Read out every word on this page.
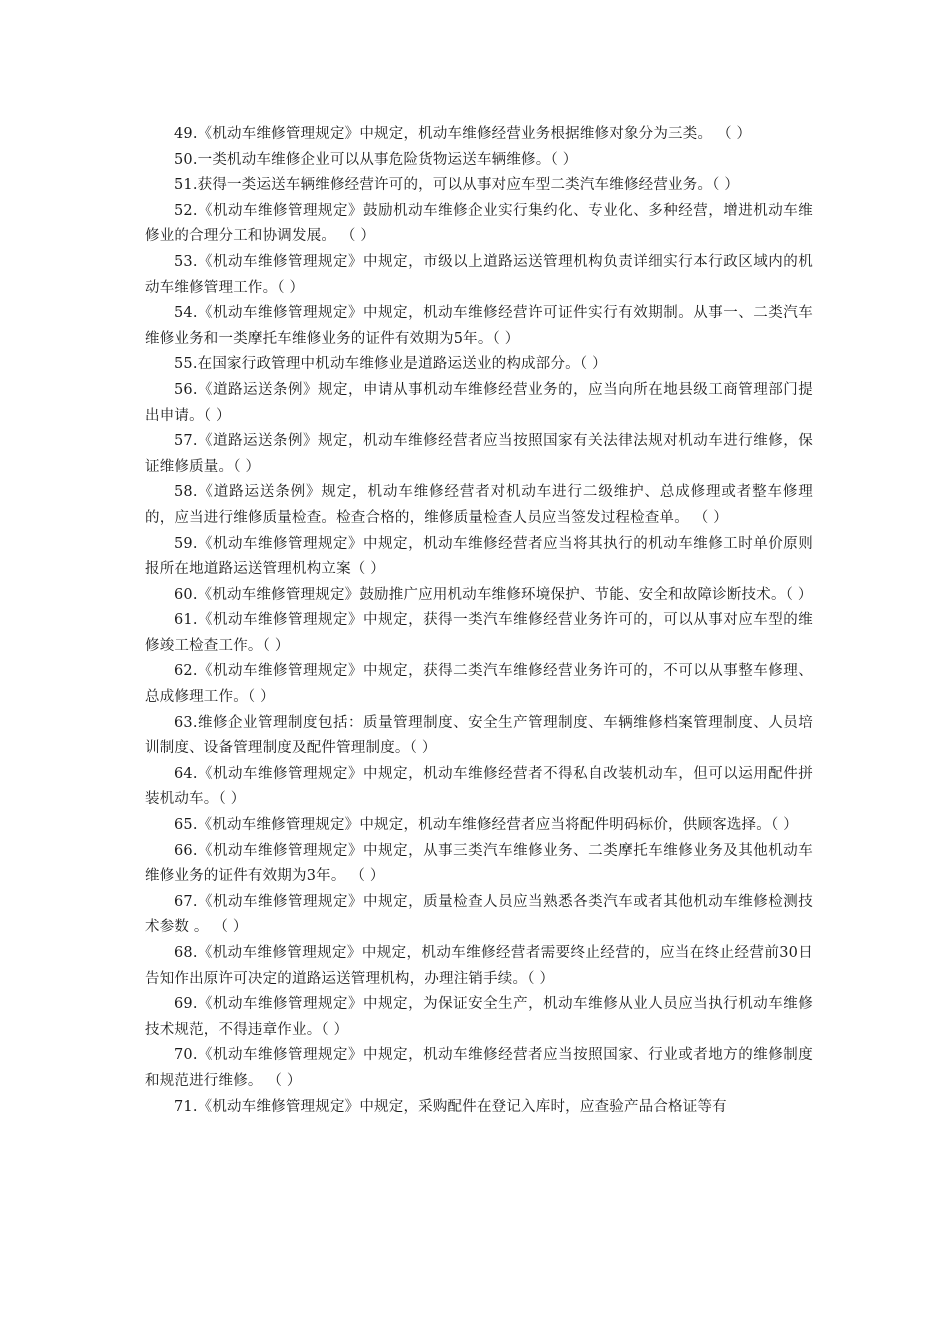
49.《机动车维修管理规定》中规定，机动车维修经营业务根据维修对象分为三类。 （ ）

50.一类机动车维修企业可以从事危险货物运送车辆维修。（ ）

51.获得一类运送车辆维修经营许可的，可以从事对应车型二类汽车维修经营业务。（ ）

52.《机动车维修管理规定》鼓励机动车维修企业实行集约化、专业化、多种经营，增进机动车维修业的合理分工和协调发展。 （ ）

53.《机动车维修管理规定》中规定，市级以上道路运送管理机构负责详细实行本行政区域内的机动车维修管理工作。（ ）

54.《机动车维修管理规定》中规定，机动车维修经营许可证件实行有效期制。从事一、二类汽车维修业务和一类摩托车维修业务的证件有效期为5年。（ ）

55.在国家行政管理中机动车维修业是道路运送业的构成部分。（ ）

56.《道路运送条例》规定，申请从事机动车维修经营业务的，应当向所在地县级工商管理部门提出申请。（ ）

57.《道路运送条例》规定，机动车维修经营者应当按照国家有关法律法规对机动车进行维修，保证维修质量。（ ）

58.《道路运送条例》规定，机动车维修经营者对机动车进行二级维护、总成修理或者整车修理的，应当进行维修质量检查。检查合格的，维修质量检查人员应当签发过程检查单。 （ ）

59.《机动车维修管理规定》中规定，机动车维修经营者应当将其执行的机动车维修工时单价原则报所在地道路运送管理机构立案（ ）

60.《机动车维修管理规定》鼓励推广应用机动车维修环境保护、节能、安全和故障诊断技术。（ ）

61.《机动车维修管理规定》中规定，获得一类汽车维修经营业务许可的，可以从事对应车型的维修竣工检查工作。（ ）

62.《机动车维修管理规定》中规定，获得二类汽车维修经营业务许可的，不可以从事整车修理、总成修理工作。（ ）

63.维修企业管理制度包括：质量管理制度、安全生产管理制度、车辆维修档案管理制度、人员培训制度、设备管理制度及配件管理制度。（ ）

64.《机动车维修管理规定》中规定，机动车维修经营者不得私自改装机动车，但可以运用配件拼装机动车。（ ）

65.《机动车维修管理规定》中规定，机动车维修经营者应当将配件明码标价，供顾客选择。（ ）

66.《机动车维修管理规定》中规定，从事三类汽车维修业务、二类摩托车维修业务及其他机动车维修业务的证件有效期为3年。 （ ）

67.《机动车维修管理规定》中规定，质量检查人员应当熟悉各类汽车或者其他机动车维修检测技术参数 。 （ ）

68.《机动车维修管理规定》中规定，机动车维修经营者需要终止经营的，应当在终止经营前30日告知作出原许可决定的道路运送管理机构，办理注销手续。（ ）

69.《机动车维修管理规定》中规定，为保证安全生产，机动车维修从业人员应当执行机动车维修技术规范，不得违章作业。（ ）

70.《机动车维修管理规定》中规定，机动车维修经营者应当按照国家、行业或者地方的维修制度和规范进行维修。 （ ）

71.《机动车维修管理规定》中规定，采购配件在登记入库时，应查验产品合格证等有
